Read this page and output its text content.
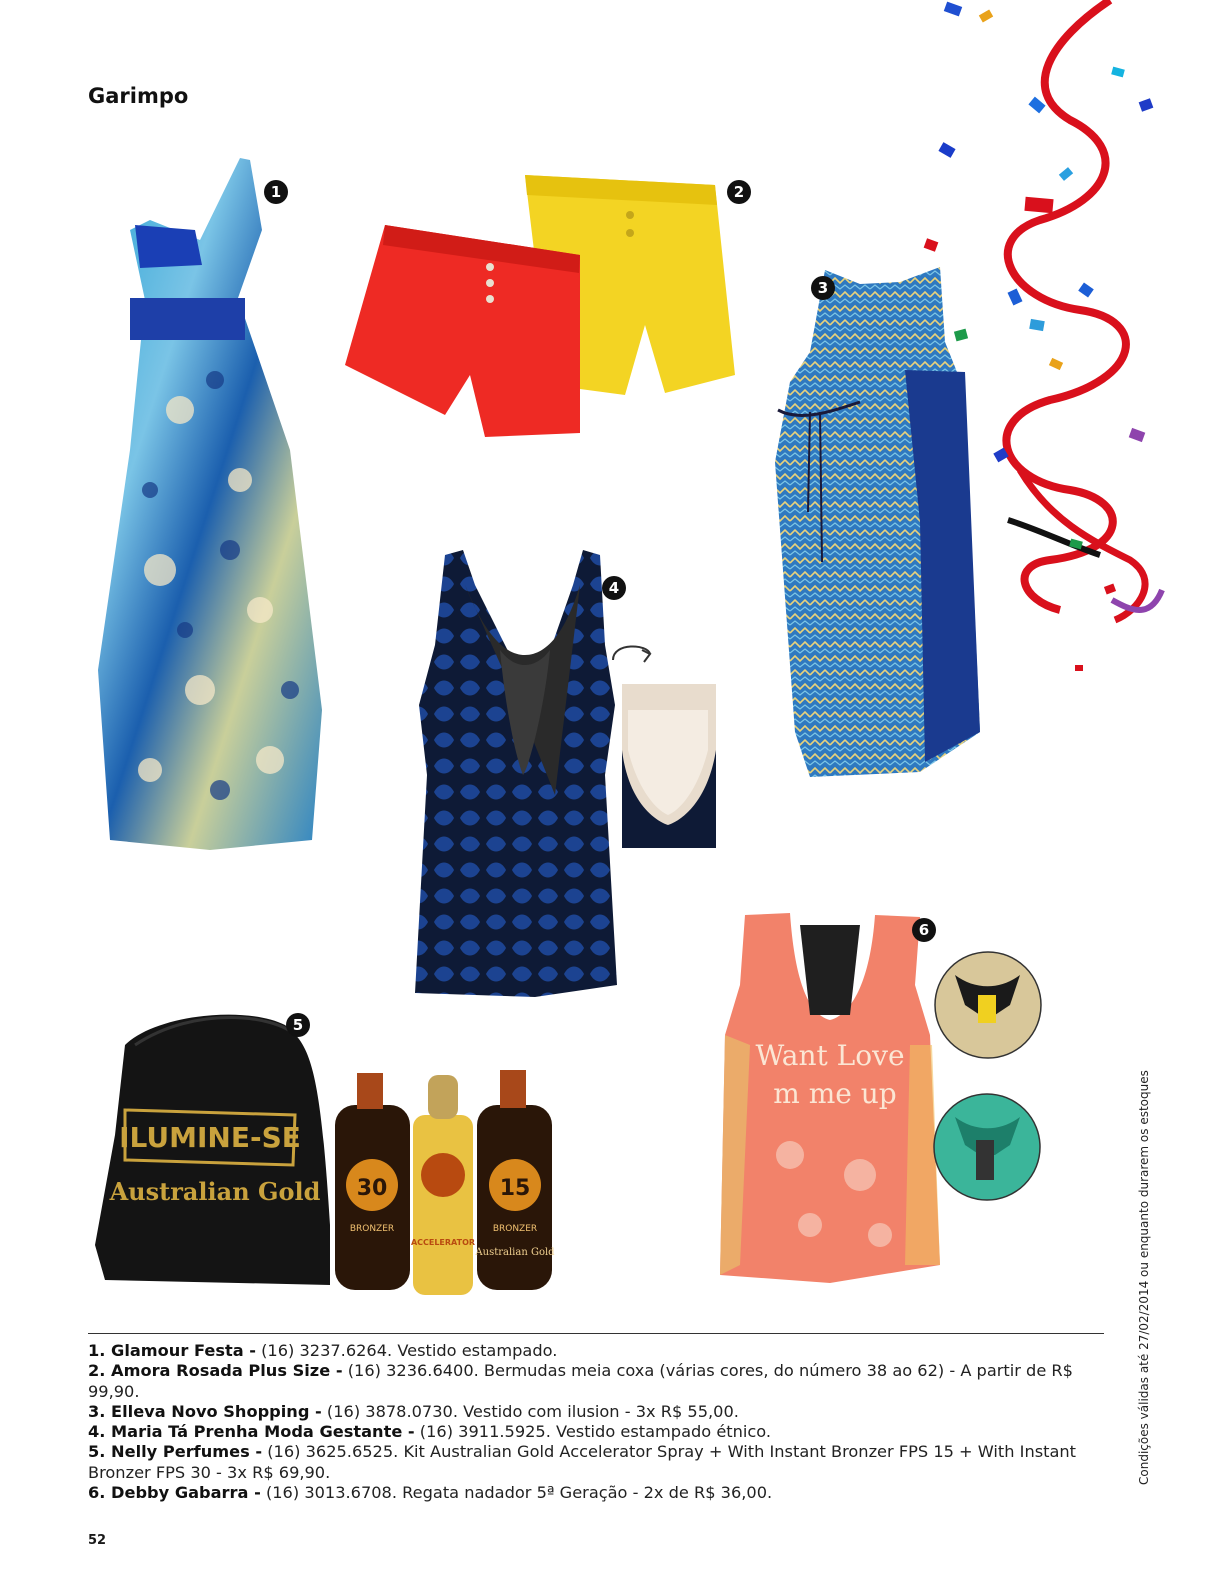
Garimpo
1	2
3
4
ILUMINE-SE
Australian Gold 30
BRONZER
ACCELERATOR
15
BRONZER
Australian Gold
5
Want Love
m me up
6

1. Glamour Festa - (16) 3237.6264. Vestido estampado.

2. Amora Rosada Plus Size - (16) 3236.6400. Bermudas meia coxa (várias cores, do número 38 ao 62) - A partir de R$ 99,90.

3. Elleva Novo Shopping - (16) 3878.0730. Vestido com ilusion - 3x R$ 55,00.

4. Maria Tá Prenha Moda Gestante - (16) 3911.5925. Vestido estampado étnico.

5. Nelly Perfumes - (16) 3625.6525. Kit Australian Gold Accelerator Spray + With Instant Bronzer FPS 15 + With Instant Bronzer FPS 30 - 3x R$ 69,90.

6. Debby Gabarra - (16) 3013.6708. Regata nadador 5ª Geração - 2x de R$ 36,00.

52
Condições válidas até 27/02/2014 ou enquanto durarem os estoques
